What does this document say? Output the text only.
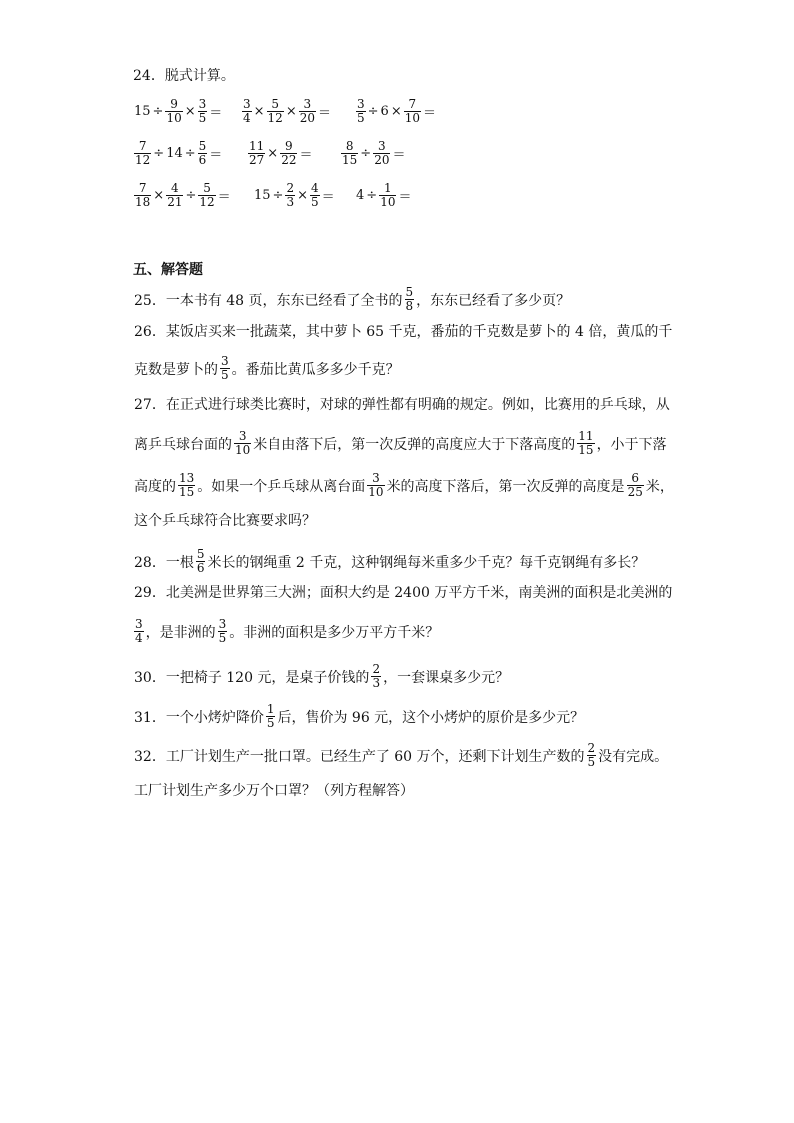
24．脱式计算。
$15 \div \frac{9}{10} \times \frac{3}{5} = \frac{3}{4} \times \frac{5}{12} \times \frac{3}{20} = \frac{3}{5} \div 6 \times \frac{7}{10}$ ＝
$\frac{7}{12} \div 14 \div \frac{5}{6} = \frac{11}{27} \times \frac{9}{22} = \frac{8}{15} \div \frac{3}{20}$ ＝
$\frac{7}{18} \times \frac{4}{21} \div \frac{5}{12} = 15 \div \frac{2}{3} \times \frac{4}{5} = 4 \div \frac{1}{10}$ ＝
五、解答题
25．一本书有 48 页，东东已经看了全书的 $\frac{5}{8}$ ，东东已经看了多少页？
26．某饭店买来一批蔬菜，其中萝卜 65 千克，番茄的千克数是萝卜的 4 倍，黄瓜的千
克数是萝卜的 $\frac{3}{5}$ 。番茄比黄瓜多多少千克？
27．在正式进行球类比赛时，对球的弹性都有明确的规定。例如，比赛用的乒乓球，从
离乒乓球台面的 $\frac{3}{10}$ 米自由落下后，第一次反弹的高度应大于下落高度的 $\frac{11}{15}$ ，小于下落
高度的 $\frac{13}{15}$ 。如果一个乒乓球从离台面 $\frac{3}{10}$ 米的高度下落后，第一次反弹的高度是 $\frac{6}{25}$ 米，
这个乒乓球符合比赛要求吗？
28．一根 $\frac{5}{6}$ 米长的钢绳重 2 千克，这种钢绳每米重多少千克？每千克钢绳有多长？
29．北美洲是世界第三大洲；面积大约是 2400 万平方千米，南美洲的面积是北美洲的
$\frac{3}{4}$ ，是非洲的 $\frac{3}{5}$ 。非洲的面积是多少万平方千米？
30．一把椅子 120 元，是桌子价钱的 $\frac{2}{3}$ ，一套课桌多少元？
31．一个小烤炉降价 $\frac{1}{5}$ 后，售价为 96 元，这个小烤炉的原价是多少元？
32．工厂计划生产一批口罩。已经生产了 60 万个，还剩下计划生产数的 $\frac{2}{5}$ 没有完成。
工厂计划生产多少万个口罩？（列方程解答）
